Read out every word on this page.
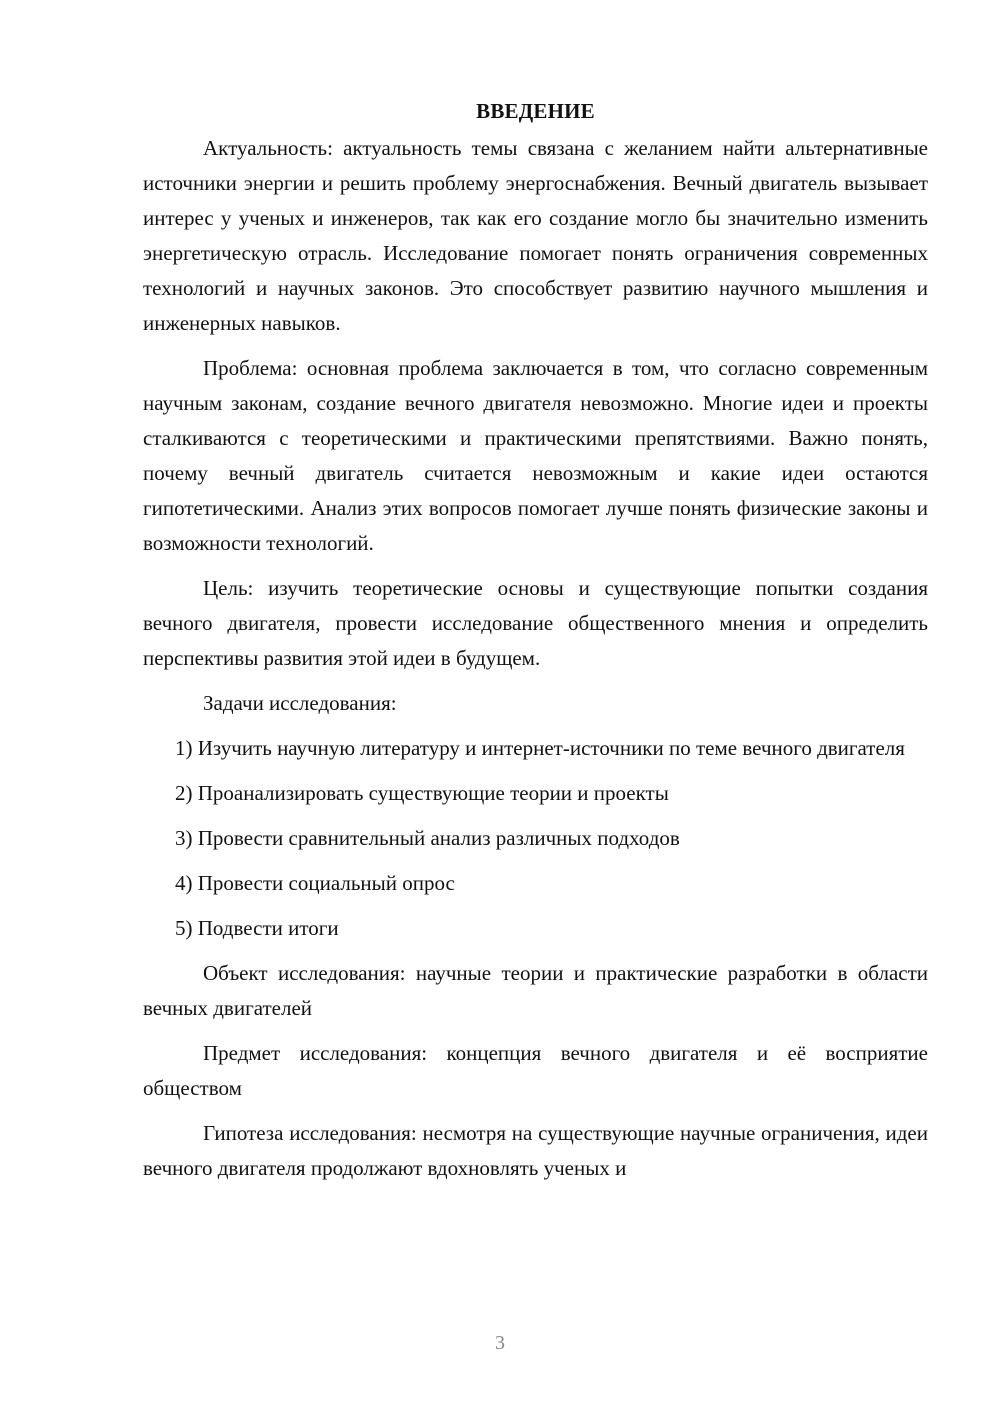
ВВЕДЕНИЕ

Актуальность: актуальность темы связана с желанием найти альтернативные источники энергии и решить проблему энергоснабжения. Вечный двигатель вызывает интерес у ученых и инженеров, так как его создание могло бы значительно изменить энергетическую отрасль. Исследование помогает понять ограничения современных технологий и научных законов. Это способствует развитию научного мышления и инженерных навыков.

Проблема: основная проблема заключается в том, что согласно современным научным законам, создание вечного двигателя невозможно. Многие идеи и проекты сталкиваются с теоретическими и практическими препятствиями. Важно понять, почему вечный двигатель считается невозможным и какие идеи остаются гипотетическими. Анализ этих вопросов помогает лучше понять физические законы и возможности технологий.

Цель: изучить теоретические основы и существующие попытки создания вечного двигателя, провести исследование общественного мнения и определить перспективы развития этой идеи в будущем.

Задачи исследования:

1) Изучить научную литературу и интернет-источники по теме вечного двигателя

2) Проанализировать существующие теории и проекты

3) Провести сравнительный анализ различных подходов

4) Провести социальный опрос

5) Подвести итоги

Объект исследования: научные теории и практические разработки в области вечных двигателей

Предмет исследования: концепция вечного двигателя и её восприятие обществом

Гипотеза исследования: несмотря на существующие научные ограничения, идеи вечного двигателя продолжают вдохновлять ученых и

3
